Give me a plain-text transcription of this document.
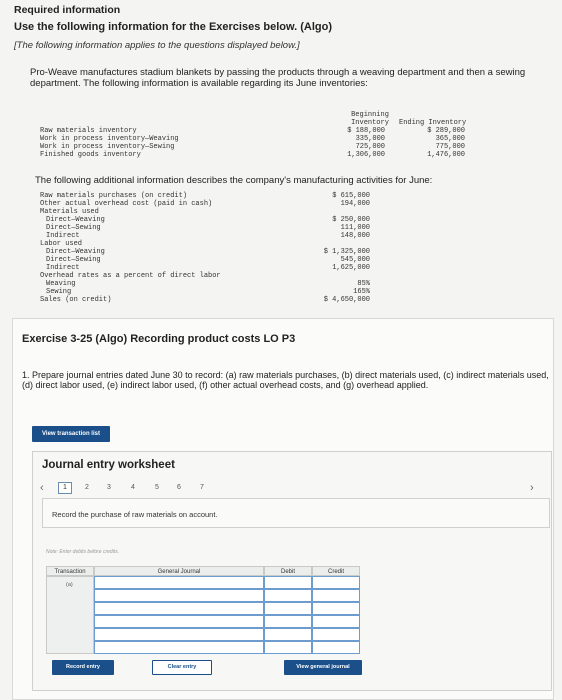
Required information
Use the following information for the Exercises below. (Algo)
[The following information applies to the questions displayed below.]
Pro-Weave manufactures stadium blankets by passing the products through a weaving department and then a sewing department. The following information is available regarding its June inventories:
Beginning Inventory	Ending Inventory
Raw materials inventory	$ 188,000	$ 289,000
Work in process inventory—Weaving	335,000	365,000
Work in process inventory—Sewing	725,000	775,000
Finished goods inventory	1,306,000	1,476,000
The following additional information describes the company's manufacturing activities for June:
Raw materials purchases (on credit)	$ 615,000
Other actual overhead cost (paid in cash)	194,000
Materials used
Direct—Weaving	$ 250,000
Direct—Sewing	111,000
Indirect	148,000
Labor used
Direct—Weaving	$ 1,325,000
Direct—Sewing	545,000
Indirect	1,625,000
Overhead rates as a percent of direct labor
Weaving	85%
Sewing	165%
Sales (on credit)	$ 4,650,000
Exercise 3-25 (Algo) Recording product costs LO P3
1. Prepare journal entries dated June 30 to record: (a) raw materials purchases, (b) direct materials used, (c) indirect materials used, (d) direct labor used, (e) indirect labor used, (f) other actual overhead costs, and (g) overhead applied.
View transaction list
Journal entry worksheet
‹	1	2	3	4	5	6	7	›
Record the purchase of raw materials on account.
Note: Enter debits before credits.
Transaction	General Journal	Debit	Credit
(a)
Record entry	Clear entry	View general journal
